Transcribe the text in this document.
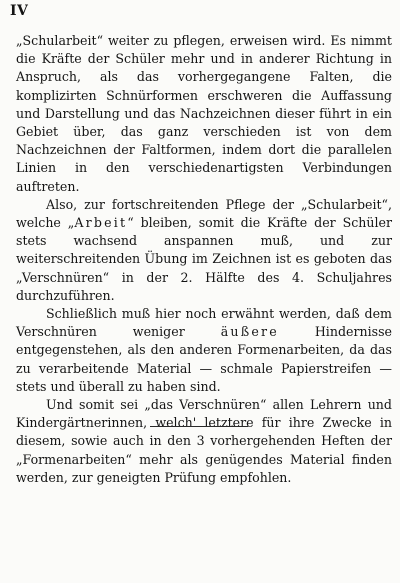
IV

„Schularbeit“ weiter zu pflegen, erweisen wird. Es nimmt die Kräfte der Schüler mehr und in anderer Richtung in Anspruch, als das vorhergegangene Falten, die komplizirten Schnürformen erschweren die Auffassung und Darstellung und das Nachzeichnen dieser führt in ein Gebiet über, das ganz verschieden ist von dem Nachzeichnen der Faltformen, indem dort die parallelen Linien in den verschiedenartigsten Verbindungen auftreten.

Also, zur fortschreitenden Pflege der „Schularbeit“, welche „Arbeit“ bleiben, somit die Kräfte der Schüler stets wachsend anspannen muß, und zur weiterschreitenden Übung im Zeichnen ist es geboten das „Verschnüren“ in der 2. Hälfte des 4. Schuljahres durchzuführen.

Schließlich muß hier noch erwähnt werden, daß dem Verschnüren weniger äußere Hindernisse entgegenstehen, als den anderen Formenarbeiten, da das zu verarbeitende Material — schmale Papierstreifen — stets und überall zu haben sind.

Und somit sei „das Verschnüren“ allen Lehrern und Kindergärtnerinnen, welch' letztere für ihre Zwecke in diesem, sowie auch in den 3 vorhergehenden Heften der „Formenarbeiten“ mehr als genügendes Material finden werden, zur geneigten Prüfung empfohlen.
